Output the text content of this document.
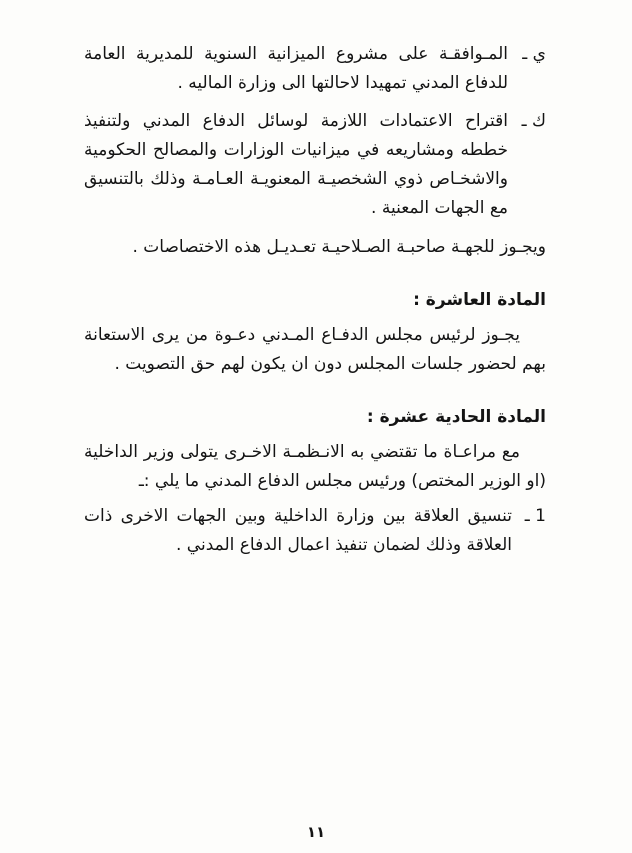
ي ـ
المـوافقـة على مشروع الميزانية السنوية للمديرية العامة للدفاع المدني تمهيدا لاحالتها الى وزارة الماليه .
ك ـ
اقتراح الاعتمادات اللازمة لوسائل الدفاع المدني ولتنفيذ خططه ومشاريعه في ميزانيات الوزارات والمصالح الحكومية والاشخـاص ذوي الشخصيـة المعنويـة العـامـة وذلك بالتنسيق مع الجهات المعنية .

ويجـوز للجهـة صاحبـة الصـلاحيـة تعـديـل هذه الاختصاصات .

المادة العاشرة :

يجـوز لرئيس مجلس الدفـاع المـدني دعـوة من يرى الاستعانة بهم لحضور جلسات المجلس دون ان يكون لهم حق التصويت .

المادة الحادية عشرة :

مع مراعـاة ما تقتضي به الانـظمـة الاخـرى يتولى وزير الداخلية (او الوزير المختص) ورئيس مجلس الدفاع المدني ما يلي :ـ

1 ـ
تنسيق العلاقة بين وزارة الداخلية وبين الجهات الاخرى ذات العلاقة وذلك لضمان تنفيذ اعمال الدفاع المدني .
١١
